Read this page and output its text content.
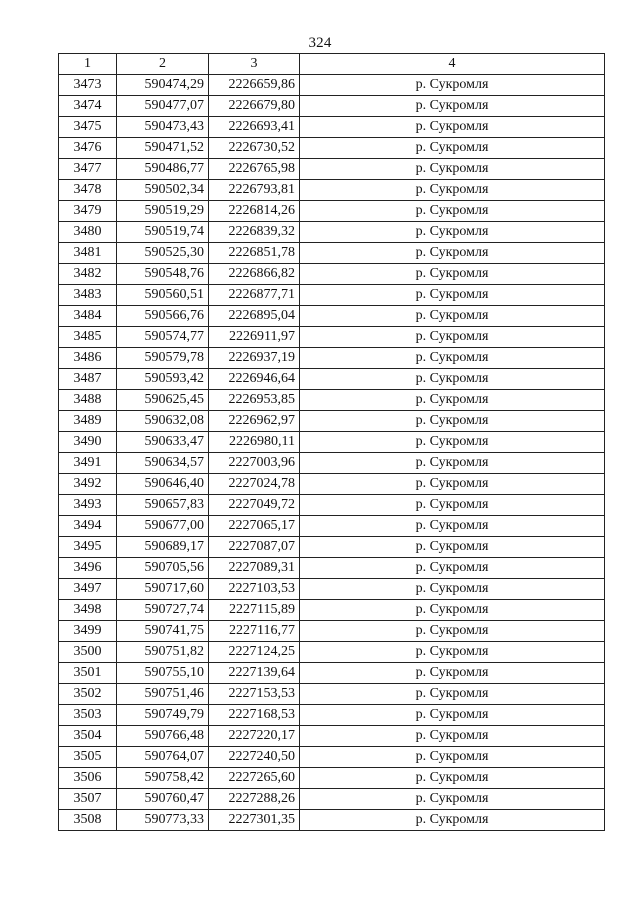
324
1	2	3	4
3473	590474,29	2226659,86	р. Сукромля
3474	590477,07	2226679,80	р. Сукромля
3475	590473,43	2226693,41	р. Сукромля
3476	590471,52	2226730,52	р. Сукромля
3477	590486,77	2226765,98	р. Сукромля
3478	590502,34	2226793,81	р. Сукромля
3479	590519,29	2226814,26	р. Сукромля
3480	590519,74	2226839,32	р. Сукромля
3481	590525,30	2226851,78	р. Сукромля
3482	590548,76	2226866,82	р. Сукромля
3483	590560,51	2226877,71	р. Сукромля
3484	590566,76	2226895,04	р. Сукромля
3485	590574,77	2226911,97	р. Сукромля
3486	590579,78	2226937,19	р. Сукромля
3487	590593,42	2226946,64	р. Сукромля
3488	590625,45	2226953,85	р. Сукромля
3489	590632,08	2226962,97	р. Сукромля
3490	590633,47	2226980,11	р. Сукромля
3491	590634,57	2227003,96	р. Сукромля
3492	590646,40	2227024,78	р. Сукромля
3493	590657,83	2227049,72	р. Сукромля
3494	590677,00	2227065,17	р. Сукромля
3495	590689,17	2227087,07	р. Сукромля
3496	590705,56	2227089,31	р. Сукромля
3497	590717,60	2227103,53	р. Сукромля
3498	590727,74	2227115,89	р. Сукромля
3499	590741,75	2227116,77	р. Сукромля
3500	590751,82	2227124,25	р. Сукромля
3501	590755,10	2227139,64	р. Сукромля
3502	590751,46	2227153,53	р. Сукромля
3503	590749,79	2227168,53	р. Сукромля
3504	590766,48	2227220,17	р. Сукромля
3505	590764,07	2227240,50	р. Сукромля
3506	590758,42	2227265,60	р. Сукромля
3507	590760,47	2227288,26	р. Сукромля
3508	590773,33	2227301,35	р. Сукромля
